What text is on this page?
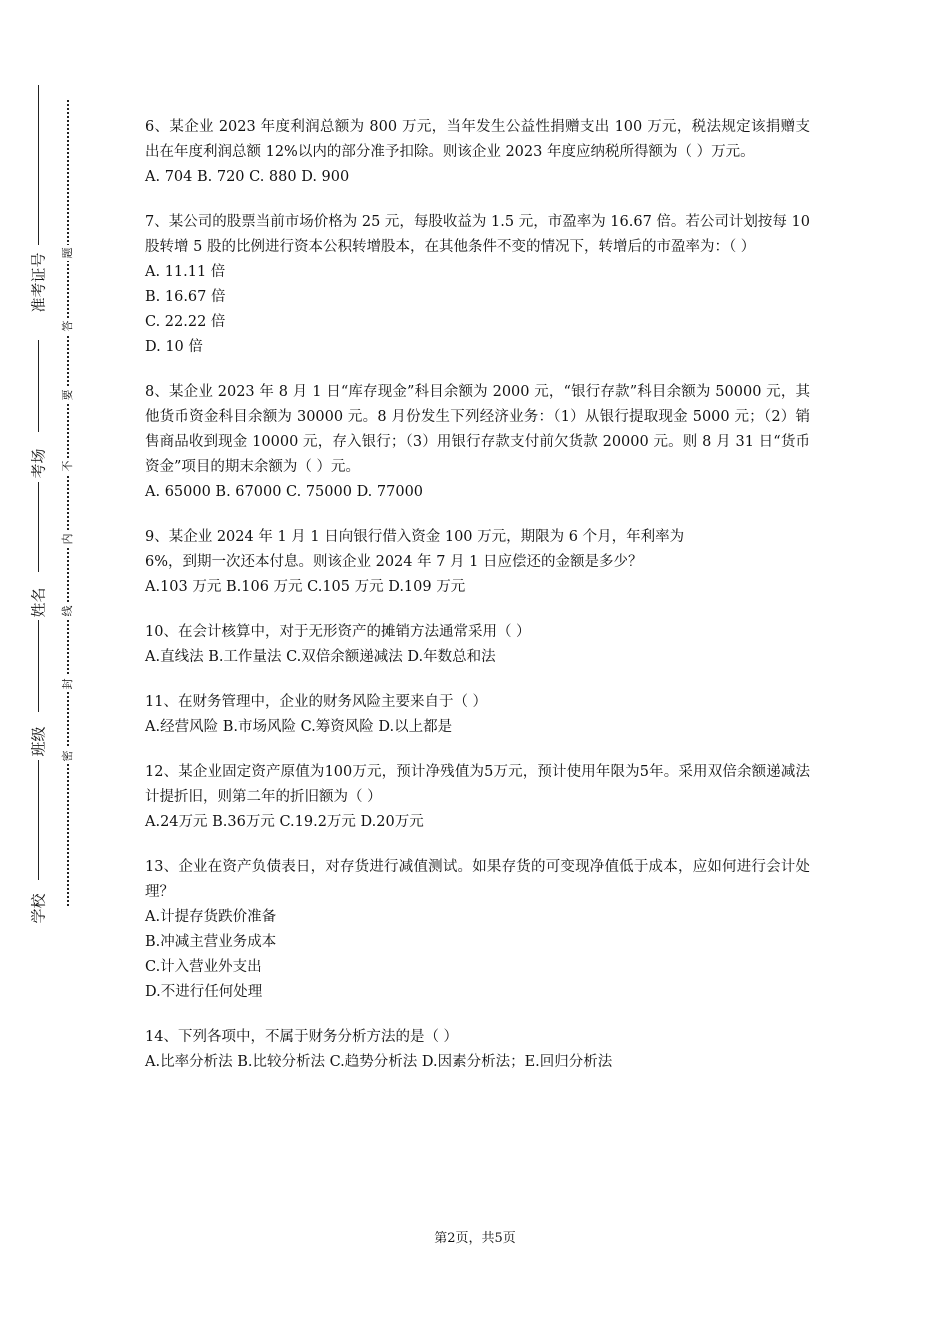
准考证号
考场
姓名
班级
学校
题
答
要
不
内
线
封
密
6、某企业 2023 年度利润总额为 800 万元，当年发生公益性捐赠支出 100 万元，税法规定该捐赠支出在年度利润总额 12%以内的部分准予扣除。则该企业 2023 年度应纳税所得额为（ ）万元。
A. 704 B. 720 C. 880 D. 900
7、某公司的股票当前市场价格为 25 元，每股收益为 1.5 元，市盈率为 16.67 倍。若公司计划按每 10 股转增 5 股的比例进行资本公积转增股本，在其他条件不变的情况下，转增后的市盈率为：（ ）
A. 11.11 倍
B. 16.67 倍
C. 22.22 倍
D. 10 倍
8、某企业 2023 年 8 月 1 日“库存现金”科目余额为 2000 元，“银行存款”科目余额为 50000 元，其他货币资金科目余额为 30000 元。8 月份发生下列经济业务：（1）从银行提取现金 5000 元；（2）销售商品收到现金 10000 元，存入银行；（3）用银行存款支付前欠货款 20000 元。则 8 月 31 日“货币资金”项目的期末余额为（ ）元。
A. 65000 B. 67000 C. 75000 D. 77000
9、某企业 2024 年 1 月 1 日向银行借入资金 100 万元，期限为 6 个月，年利率为
6%，到期一次还本付息。则该企业 2024 年 7 月 1 日应偿还的金额是多少？
A.103 万元 B.106 万元 C.105 万元 D.109 万元
10、在会计核算中，对于无形资产的摊销方法通常采用（ ）
A.直线法 B.工作量法 C.双倍余额递减法 D.年数总和法
11、在财务管理中，企业的财务风险主要来自于（ ）
A.经营风险 B.市场风险 C.筹资风险 D.以上都是
12、某企业固定资产原值为100万元，预计净残值为5万元，预计使用年限为5年。采用双倍余额递减法计提折旧，则第二年的折旧额为（ ）
A.24万元 B.36万元 C.19.2万元 D.20万元
13、企业在资产负债表日，对存货进行减值测试。如果存货的可变现净值低于成本，应如何进行会计处理？
A.计提存货跌价准备
B.冲减主营业务成本
C.计入营业外支出
D.不进行任何处理
14、下列各项中，不属于财务分析方法的是（ ）
A.比率分析法 B.比较分析法 C.趋势分析法 D.因素分析法；E.回归分析法
第2页，共5页
